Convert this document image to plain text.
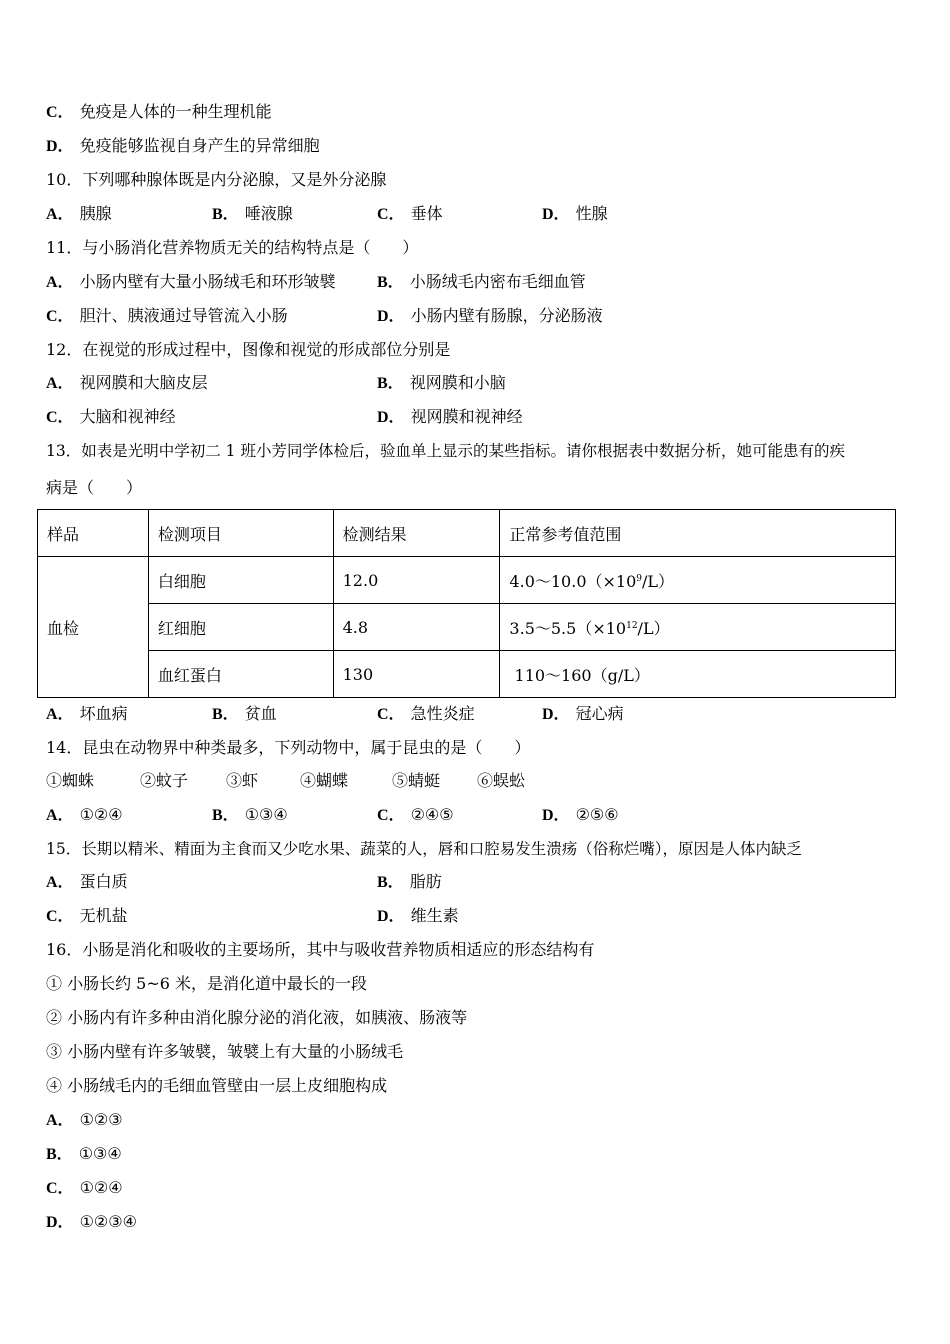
C． 免疫是人体的一种生理机能
D． 免疫能够监视自身产生的异常细胞
10．下列哪种腺体既是内分泌腺，又是外分泌腺
A． 胰腺	B． 唾液腺	C． 垂体	D． 性腺
11．与小肠消化营养物质无关的结构特点是（　　）
A． 小肠内壁有大量小肠绒毛和环形皱襞	B． 小肠绒毛内密布毛细血管
C． 胆汁、胰液通过导管流入小肠	D． 小肠内壁有肠腺，分泌肠液
12．在视觉的形成过程中，图像和视觉的形成部位分别是
A． 视网膜和大脑皮层	B． 视网膜和小脑
C． 大脑和视神经	D． 视网膜和视神经
13．如表是光明中学初二 1 班小芳同学体检后，验血单上显示的某些指标。请你根据表中数据分析，她可能患有的疾
病是（　　）
样品	检测项目	检测结果	正常参考值范围
血检	白细胞	12.0	$4.0\sim 10.0(\times 10^9/L)$
	红细胞	4.8	$3.5\sim 5.5(\times 10^{12}/L)$
	血红蛋白	130	110～160（g/L）
A． 坏血病	B． 贫血	C． 急性炎症	D． 冠心病
14．昆虫在动物界中种类最多，下列动物中，属于昆虫的是（　　）
①蜘蛛	②蚊子 ③虾	④蝴蝶	⑤蜻蜓 ⑥蜈蚣
A． ①②④	B． ①③④	C． ②④⑤	D． ②⑤⑥
15．长期以精米、精面为主食而又少吃水果、蔬菜的人，唇和口腔易发生溃疡（俗称烂嘴），原因是人体内缺乏
A． 蛋白质	B． 脂肪
C． 无机盐	D． 维生素
16．小肠是消化和吸收的主要场所，其中与吸收营养物质相适应的形态结构有
① 小肠长约 5~6 米，是消化道中最长的一段
② 小肠内有许多种由消化腺分泌的消化液，如胰液、肠液等
③ 小肠内壁有许多皱襞，皱襞上有大量的小肠绒毛
④ 小肠绒毛内的毛细血管壁由一层上皮细胞构成
A． ①②③
B． ①③④
C． ①②④
D． ①②③④
